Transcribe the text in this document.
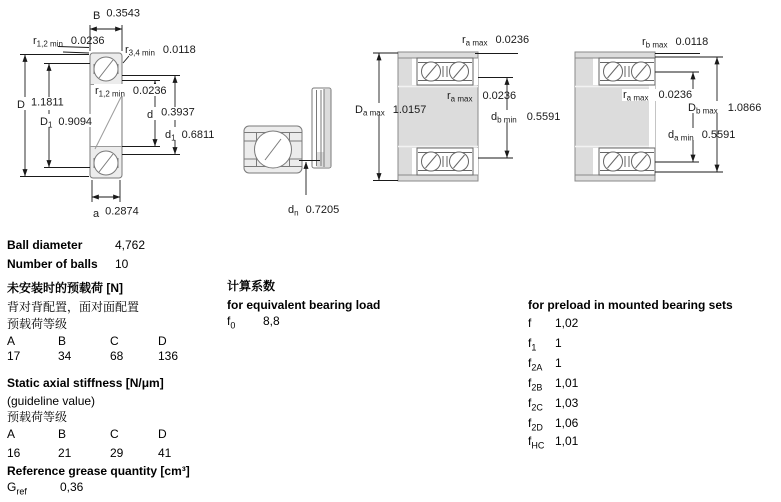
B 0.3543
$r_{1,2 min}$ 0.0236
$r_{3,4 min}$ 0.0118
D 1.1811
$D_1$ 0.9094
$r_{1,2 min}$ 0.0236
d 0.3937
$d_1$ 0.6811
a 0.2874	$d_n$ 0.7205
$r_{a max}$ 0.0236
$D_{a max}$ 1.0157
$r_{a max}$ 0.0236
$d_{b min}$ 0.5591
$r_{b max}$ 0.0118
$r_{a max}$ 0.0236
$D_{b max}$ 1.0866
$d_{a min}$ 0.5591
Ball diameter	4,762
Number of balls 10
未安装时的预载荷 [N]
背对背配置，面对面配置
预载荷等级
A	B	C	D
17	34	68	136
Static axial stiffness [N/μm]
(guideline value)
预载荷等级
A	B	C	D
16	21	29	41
Reference grease quantity [cm³]
$G_{ref}$	0,36
计算系数
for equivalent bearing load
$f_0$ 8,8
for preload in mounted bearing sets
f 1,02
$f_1$ 1
$f_{2A}$ 1
$f_{2B}$ 1,01
$f_{2C}$ 1,03
$f_{2D}$ 1,06
$f_{HC}$ 1,01
